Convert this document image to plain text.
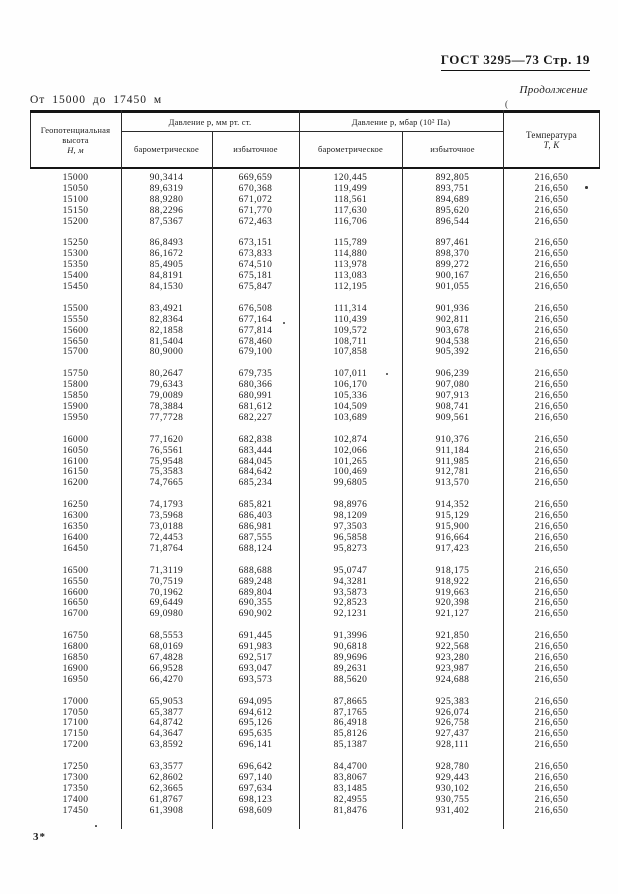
ГОСТ 3295—73 Стр. 19
Продолжение
(
От 15000 до 17450 м
Геопотенциальная
высота
Н, м
Давление р, мм рт. ст.	Давление р, мбар (10² Па)
Температура
Т, К
барометрическое	избыточное	барометрическое	избыточное
15000	90,3414	669,659	120,445	892,805	216,650
15050	89,6319	670,368	119,499	893,751	216,650
15100	88,9280	671,072	118,561	894,689	216,650
15150	88,2296	671,770	117,630	895,620	216,650
15200	87,5367	672,463	116,706	896,544	216,650
15250	86,8493	673,151	115,789	897,461	216,650
15300	86,1672	673,833	114,880	898,370	216,650
15350	85,4905	674,510	113,978	899,272	216,650
15400	84,8191	675,181	113,083	900,167	216,650
15450	84,1530	675,847	112,195	901,055	216,650
15500	83,4921	676,508	111,314	901,936	216,650
15550	82,8364	677,164	110,439	902,811	216,650
15600	82,1858	677,814	109,572	903,678	216,650
15650	81,5404	678,460	108,711	904,538	216,650
15700	80,9000	679,100	107,858	905,392	216,650
15750	80,2647	679,735	107,011	906,239	216,650
15800	79,6343	680,366	106,170	907,080	216,650
15850	79,0089	680,991	105,336	907,913	216,650
15900	78,3884	681,612	104,509	908,741	216,650
15950	77,7728	682,227	103,689	909,561	216,650
16000	77,1620	682,838	102,874	910,376	216,650
16050	76,5561	683,444	102,066	911,184	216,650
16100	75,9548	684,045	101,265	911,985	216,650
16150	75,3583	684,642	100,469	912,781	216,650
16200	74,7665	685,234	99,6805	913,570	216,650
16250	74,1793	685,821	98,8976	914,352	216,650
16300	73,5968	686,403	98,1209	915,129	216,650
16350	73,0188	686,981	97,3503	915,900	216,650
16400	72,4453	687,555	96,5858	916,664	216,650
16450	71,8764	688,124	95,8273	917,423	216,650
16500	71,3119	688,688	95,0747	918,175	216,650
16550	70,7519	689,248	94,3281	918,922	216,650
16600	70,1962	689,804	93,5873	919,663	216,650
16650	69,6449	690,355	92,8523	920,398	216,650
16700	69,0980	690,902	92,1231	921,127	216,650
16750	68,5553	691,445	91,3996	921,850	216,650
16800	68,0169	691,983	90,6818	922,568	216,650
16850	67,4828	692,517	89,9696	923,280	216,650
16900	66,9528	693,047	89,2631	923,987	216,650
16950	66,4270	693,573	88,5620	924,688	216,650
17000	65,9053	694,095	87,8665	925,383	216,650
17050	65,3877	694,612	87,1765	926,074	216,650
17100	64,8742	695,126	86,4918	926,758	216,650
17150	64,3647	695,635	85,8126	927,437	216,650
17200	63,8592	696,141	85,1387	928,111	216,650
17250	63,3577	696,642	84,4700	928,780	216,650
17300	62,8602	697,140	83,8067	929,443	216,650
17350	62,3665	697,634	83,1485	930,102	216,650
17400	61,8767	698,123	82,4955	930,755	216,650
17450	61,3908	698,609	81,8476	931,402	216,650
3*
